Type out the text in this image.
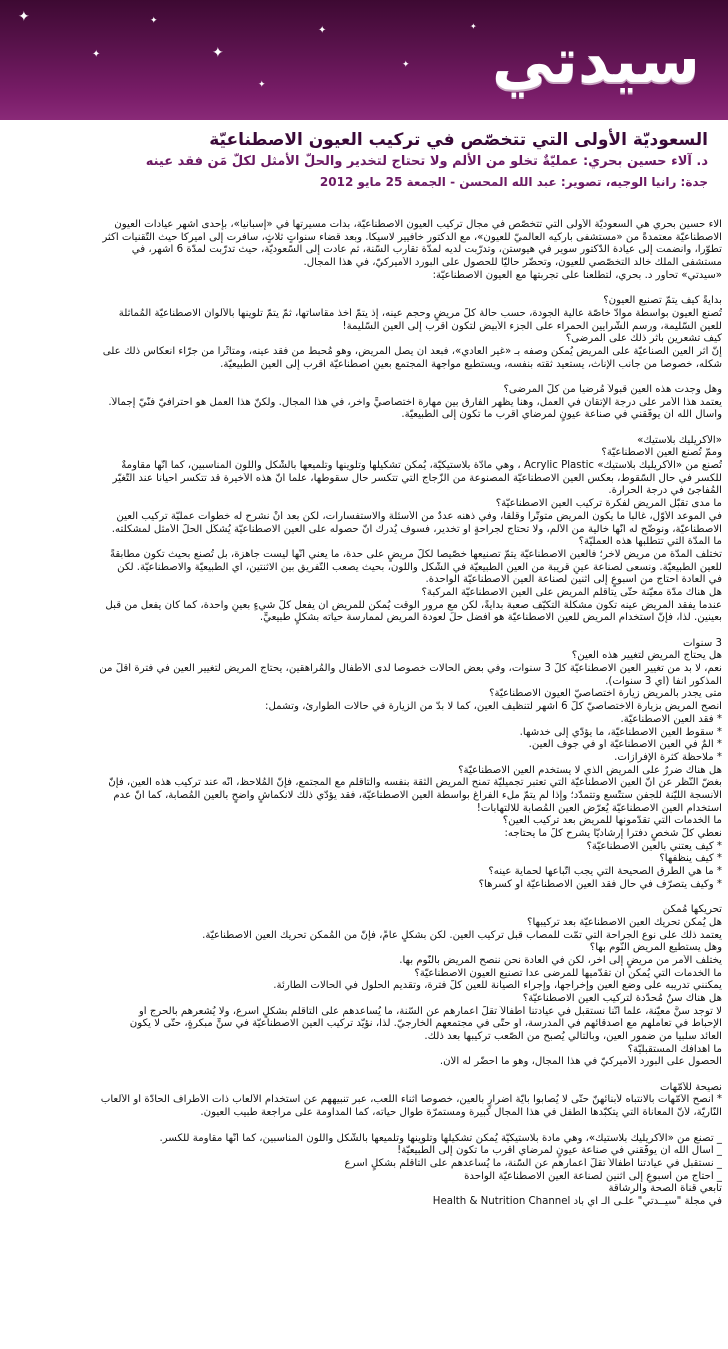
✦
✦
✦
✦
✦
✦
✦
✦ سيدتي

السعوديّة الأولى التي تتخصّص في تركيب العيون الاصطناعيّة

د. آلاء حسين بحري: عمليّةٌ تخلو من الألم ولا تحتاج لتخدير والحلّ الأمثل لكلّ مَن فقد عينه

جدة: رانيا الوجيه، تصوير: عبد الله المحسن - الجمعة 25 مايو 2012

آلاء حسين بحري هي السعوديّة الأولى التي تتخصّص في مجال تركيب العيون الاصطناعيّة، بدأت مسيرتها في «إسبانيا»، بإحدى أشهر عيادات العيون
الاصطناعيّة معتمدةً من «مستشفى باركيه العالميّ للعيون»، مع الدكتور خافيير لاسيكا. وبعد قضاء سنواتٍ ثلاثٍ، سافرت إلى أميركا حيث التّقنيات أكثر
تطوّراً، وانضمت إلى عيادة الدّكتور سوير في هيوستن، وتدرّبت لديه لمدّة تقارب السّنة، ثم عادت إلى السّعوديّة، حيث تدرّبت لمدّة 6 أشهر، في
مستشفى الملك خالد التخصّصي للعيون، وتحضّر حاليّاً للحصول على البورد الأميركيّ، في هذا المجال.
«سيدتي» تحاور د. بحري، لتطلعنا على تجربتها مع العيون الاصطناعيّة:
بدايةً كيف يتمّ تصنيع العيون؟
تُصنع العيون بواسطة موادّ خاصّة عالية الجودة، حسب حالة كلّ مريضٍ وحجم عينه، إذ يتمّ أخذ مقاساتها، ثمّ يتمّ تلوينها بالألوان الاصطناعيّة المُماثلة
للعين السّليمة، ورسم الشّرايين الحمراء على الجزء الأبيض لتكون أقرب إلى العين السّليمة!
كيف تشعرين بأثر ذلك على المرضى؟
إنّ أثر العين الصناعيّة على المريض يُمكن وصفه بـ «غير العادي»، فبعد أن يصل المريض، وهو مُحبطٌ من فقد عينه، ومتأثّراً من جرّاء انعكاس ذلك على
شكله، خصوصاً من جانب الإناث، يستعيد ثقته بنفسه، ويستطيع مواجهة المجتمع بعينٍ اصطناعيّة أقرب إلى العين الطبيعيّة.
وهل وجدت هذه العين قبولاً مُرضياً من كلّ المرضى؟
يعتمد هذا الأمر على درجة الإتقان في العمل، وهنا يظهر الفارق بين مهارة اختصاصيٍّ وآخر، في هذا المجال. ولكنّ هذا العمل هو احترافيّ فنّيّ إجمالاً.
وأسأل الله أن يوفّقني في صناعة عيونٍ لمرضاي أقرب ما تكون إلى الطبيعيّة.
«الأكريليك بلاستيك»
وممّ تُصنع العين الاصطناعيّة؟
تُصنع من «الأكريليك بلاستيك» Acrylic Plastic ، وهي مادّة بلاستيكيّة، يُمكن تشكيلها وتلوينها وتلميعها بالشّكل واللون المناسبين، كما أنّها مقاومةٌ
للكسر في حال السّقوط، بعكس العين الاصطناعيّة المصنوعة من الزّجاج التي تتكسر حال سقوطها، علماً أنّ هذه الأخيرة قد تتكسر أحياناً عند التّغيّر
المُفاجئ في درجة الحرارة.
ما مدى تقبّل المريض لفكرة تركيب العين الاصطناعيّة؟
في الموعد الأوّل، غالباً ما يكون المريض متوتّراً وقلقاً، وفي ذهنه عددٌ من الأسئلة والاستفسارات، لكن بعد أنْ نشرح له خطوات عمليّة تركيب العين
الاصطناعيّة، ونوضّح له أنّها خالية من الألم، ولا تحتاج لجراحةٍ أو تخدير، فسوف يُدرك أنّ حصوله على العين الاصطناعيّة يُشكّل الحلّ الأمثل لمشكلته.
ما المدّة التي تتطلّبها هذه العمليّة؟
تختلف المدّة من مريض لآخر؛ فالعين الاصطناعيّة يتمّ تصنيعها خصّيصاً لكلّ مريضٍ على حدة، ما يعني أنّها ليست جاهزة، بل تُصنع بحيث تكون مطابقةً
للعين الطبيعيّة. ونسعى لصناعة عينٍ قريبة من العين الطبيعيّة في الشّكل واللون، بحيث يصعب التّفريق بين الاثنتين، أي الطبيعيّة والاصطناعيّة. لكن
في العادة أحتاج من أسبوعٍ إلى اثنين لصناعة العين الاصطناعيّة الواحدة.
هل هناك مدّة معيّنة حتّى يتأقلم المريض على العين الاصطناعيّة المركبة؟
عندما يفقد المريض عينه تكون مشكلة التكيّف صعبة بدايةً، لكن مع مرور الوقت يُمكن للمريض أن يفعل كلّ شيءٍ بعينٍ واحدة، كما كان يفعل من قبل
بعينين. لذا، فإنّ استخدام المريض للعين الاصطناعيّة هو أفضل حلٍّ لعودة المريض لممارسة حياته بشكلٍ طبيعيٍّ.
3 سنوات
هل يحتاج المريض لتغيير هذه العين؟
نعم، لا بد من تغيير العين الاصطناعيّة كلّ 3 سنوات، وفي بعض الحالات خصوصاً لدى الأطفال والمُراهقين، يحتاج المريض لتغيير العين في فترة أقلّ من
المذكور آنفاً (أي 3 سنوات).
متى يجدر بالمريض زيارة اختصاصيّ العيون الاصطناعيّة؟
أنصح المريض بزيارة الاختصاصيّ كلّ 6 أشهر لتنظيف العين، كما لا بدّ من الزيارة في حالات الطوارئ، وتشمل:
* فقد العين الاصطناعيّة.
* سقوط العين الاصطناعيّة، ما يؤدّي إلى خدشها.
* ألمٌ في العين الاصطناعيّة أو في جوف العين.
* ملاحظة كثرة الإفرازات.
هل هناك ضررٌ على المريض الذي لا يستخدم العين الاصطناعيّة؟
بغضّ النّظر عن أنّ العين الاصطناعيّة التي تعتبر تجميليّة تمنح المريض الثقة بنفسه والتأقلم مع المجتمع، فإنّ المُلاحظ، أنّه عند تركيب هذه العين، فإنّ
الأنسجة اللّيّنة للجفن ستتّسع وتتمدّد؛ وإذا لم يتمّ ملء الفراغ بواسطة العين الاصطناعيّة، فقد يؤدّي ذلك لانكماشٍ واضحٍ بالعين المُصابة، كما أنّ عدم
استخدام العين الاصطناعيّة يُعرّض العين المُصابة للالتهابات!
ما الخدمات التي تقدّمونها للمريض بعد تركيب العين؟
نعطي كلّ شخصٍ دفتراً إرشاديّاً يشرح كلّ ما يحتاجه:
* كيف يعتني بالعين الاصطناعيّة؟
* كيف ينظّفها؟
* ما هي الطرق الصحيحة التي يجب اتّباعها لحماية عينه؟
* وكيف يتصرّف في حال فقد العين الاصطناعيّة أو كسرها؟
تحريكها مُمكن
هل يُمكن تحريك العين الاصطناعيّة بعد تركيبها؟
يعتمد ذلك على نوع الجراحة التي تمّت للمصاب قبل تركيب العين. لكن بشكلٍ عامٍّ، فإنّ من المُمكن تحريك العين الاصطناعيّة.
وهل يستطيع المريض النّوم بها؟
يختلف الأمر من مريضٍ إلى آخر، لكن في العادة نحن ننصح المريض بالنّوم بها.
ما الخدمات التي يُمكن أن تقدّميها للمرضى عدا تصنيع العيون الاصطناعيّة؟
يمكنني تدريبه على وضع العين وإخراجها، وإجراء الصيانة للعين كلّ فترة، وتقديم الحلول في الحالات الطارئة.
هل هناك سنٌ مُحدّدة لتركيب العين الاصطناعيّة؟
لا توجد سنٌّ معيّنة، علماً أنّنا نستقبل في عيادتنا أطفالاً تقلّ أعمارهم عن السّنة، ما يُساعدهم على التأقلم بشكلٍ أسرع، ولا يُشعرهم بالحرج أو
الإحباط في تعاملهم مع أصدقائهم في المدرسة، أو حتّى في مجتمعهم الخارجيّ. لذا، نؤيّد تركيب العين الاصطناعيّة في سنٍّ مبكرةٍ، حتّى لا يكون
العائد سلبياً من ضمور العين، وبالتالي يُصبح من الصّعب تركيبها بعد ذلك.
ما أهدافك المستقبليّة؟
الحصول على البورد الأميركيّ في هذا المجال، وهو ما أحضّر له الآن.
نصيحة للأمّهات
* أنصح الأمّهات بالانتباه لأبنائهنّ حتّى لا يُصابوا بأيّة أضرارٍ بالعين، خصوصاً أثناء اللعب، عبر تنبيههم عن استخدام الألعاب ذات الأطراف الحادّة أو الألعاب
النّاريّة، لأنّ المعاناة التي يتكبّدها الطّفل في هذا المجال كبيرة ومستمرّة طوال حياته، كما المداومة على مراجعة طبيب العيون.
_ تصنع من «الأكريليك بلاستيك»، وهي مادة بلاستيكيّة يُمكن تشكيلها وتلوينها وتلميعها بالشّكل واللون المناسبين، كما أنّها مقاومة للكسر.
_ أسأل الله أن يوفّقني في صناعة عيونٍ لمرضاي أقرب ما تكون إلى الطبيعيّة!
_ نستقبل في عيادتنا أطفالاً تقلّ أعمارهم عن السّنة، ما يُساعدهم على التأقلم بشكلٍ أسرع
_ أحتاج من أسبوعٍ إلى اثنين لصناعة العين الاصطناعيّة الواحدة
تابعي قناة الصحة والرشاقة
في مجلة "سيــدتي" علـى الـ أي باد Health & Nutrition Channel
